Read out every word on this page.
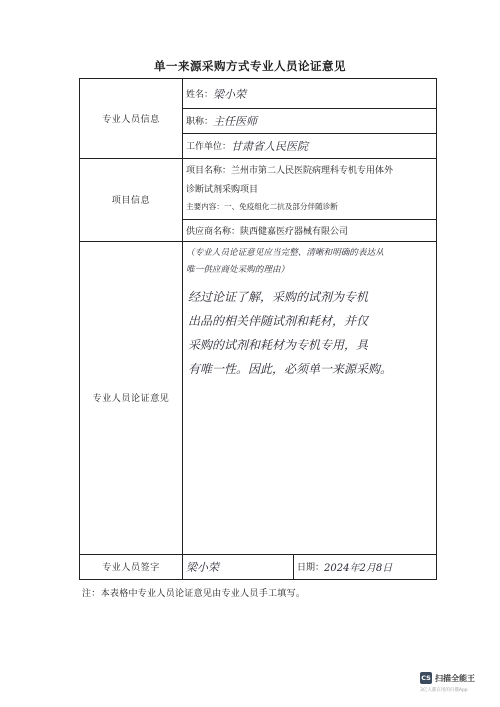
单一来源采购方式专业人员论证意见
专业人员信息
姓名： 梁小荣
职称： 主任医师
工作单位： 甘肃省人民医院
项目信息
项目名称：兰州市第二人民医院病理科专机专用体外
诊断试剂采购项目
主要内容：一、免疫组化二抗及部分伴随诊断
供应商名称： 陕西健嘉医疗器械有限公司
专业人员论证意见
（专业人员论证意见应当完整、清晰和明确的表达从
唯一供应商处采购的理由）
经过论证了解，采购的试剂为专机
出品的相关伴随试剂和耗材，并仅
采购的试剂和耗材为专机专用，具
有唯一性。因此，必须单一来源采购。
专业人员签字	梁小荣	日期： 2024年2月8日
注：本表格中专业人员论证意见由专业人员手工填写。
CS 扫描全能王
3亿人都在用的扫描App
